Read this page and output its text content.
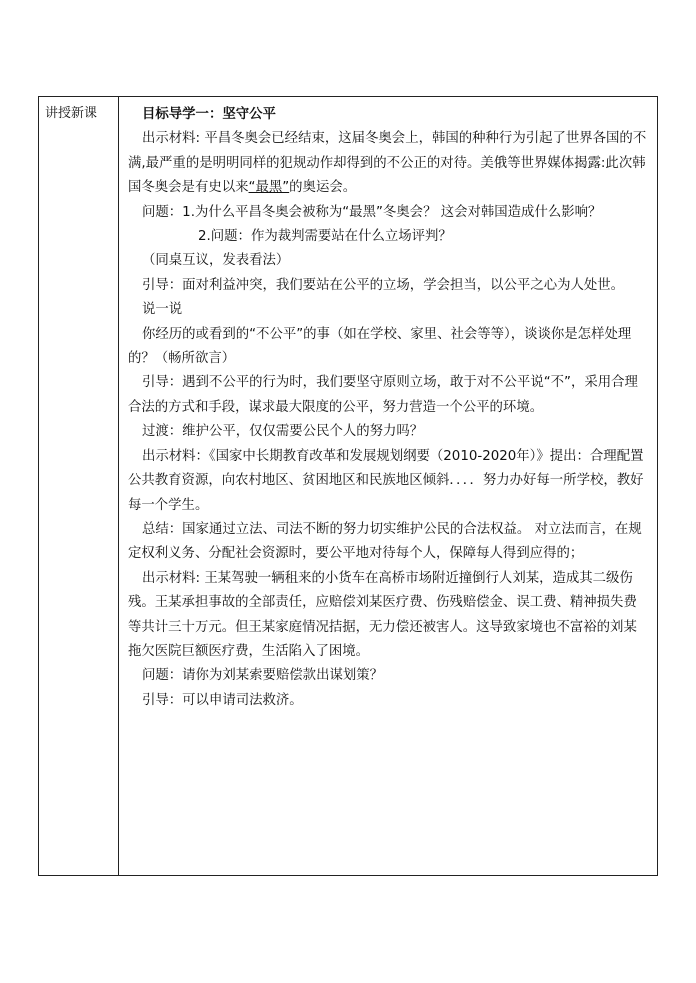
讲授新课	目标导学一：坚守公平

出示材料: 平昌冬奥会已经结束，这届冬奥会上，韩国的种种行为引起了世界各国的不满,最严重的是明明同样的犯规动作却得到的不公正的对待。美俄等世界媒体揭露:此次韩国冬奥会是有史以来“最黑”的奥运会。

问题：1.为什么平昌冬奥会被称为“最黑”冬奥会？ 这会对韩国造成什么影响？

2.问题：作为裁判需要站在什么立场评判？

（同桌互议，发表看法）

引导：面对利益冲突，我们要站在公平的立场，学会担当，以公平之心为人处世。

说一说

你经历的或看到的“不公平”的事（如在学校、家里、社会等等），谈谈你是怎样处理的？（畅所欲言）

引导：遇到不公平的行为时，我们要坚守原则立场，敢于对不公平说“不”，采用合理合法的方式和手段，谋求最大限度的公平，努力营造一个公平的环境。

过渡：维护公平，仅仅需要公民个人的努力吗？

出示材料：《国家中长期教育改革和发展规划纲要（2010-2020年）》提出：合理配置公共教育资源，向农村地区、贫困地区和民族地区倾斜．．．．努力办好每一所学校，教好每一个学生。

总结：国家通过立法、司法不断的努力切实维护公民的合法权益。 对立法而言，在规定权利义务、分配社会资源时，要公平地对待每个人，保障每人得到应得的；

出示材料: 王某驾驶一辆租来的小货车在高桥市场附近撞倒行人刘某，造成其二级伤残。王某承担事故的全部责任，应赔偿刘某医疗费、伤残赔偿金、误工费、精神损失费等共计三十万元。但王某家庭情况拮据，无力偿还被害人。这导致家境也不富裕的刘某拖欠医院巨额医疗费，生活陷入了困境。

问题：请你为刘某索要赔偿款出谋划策？

引导：可以申请司法救济。
